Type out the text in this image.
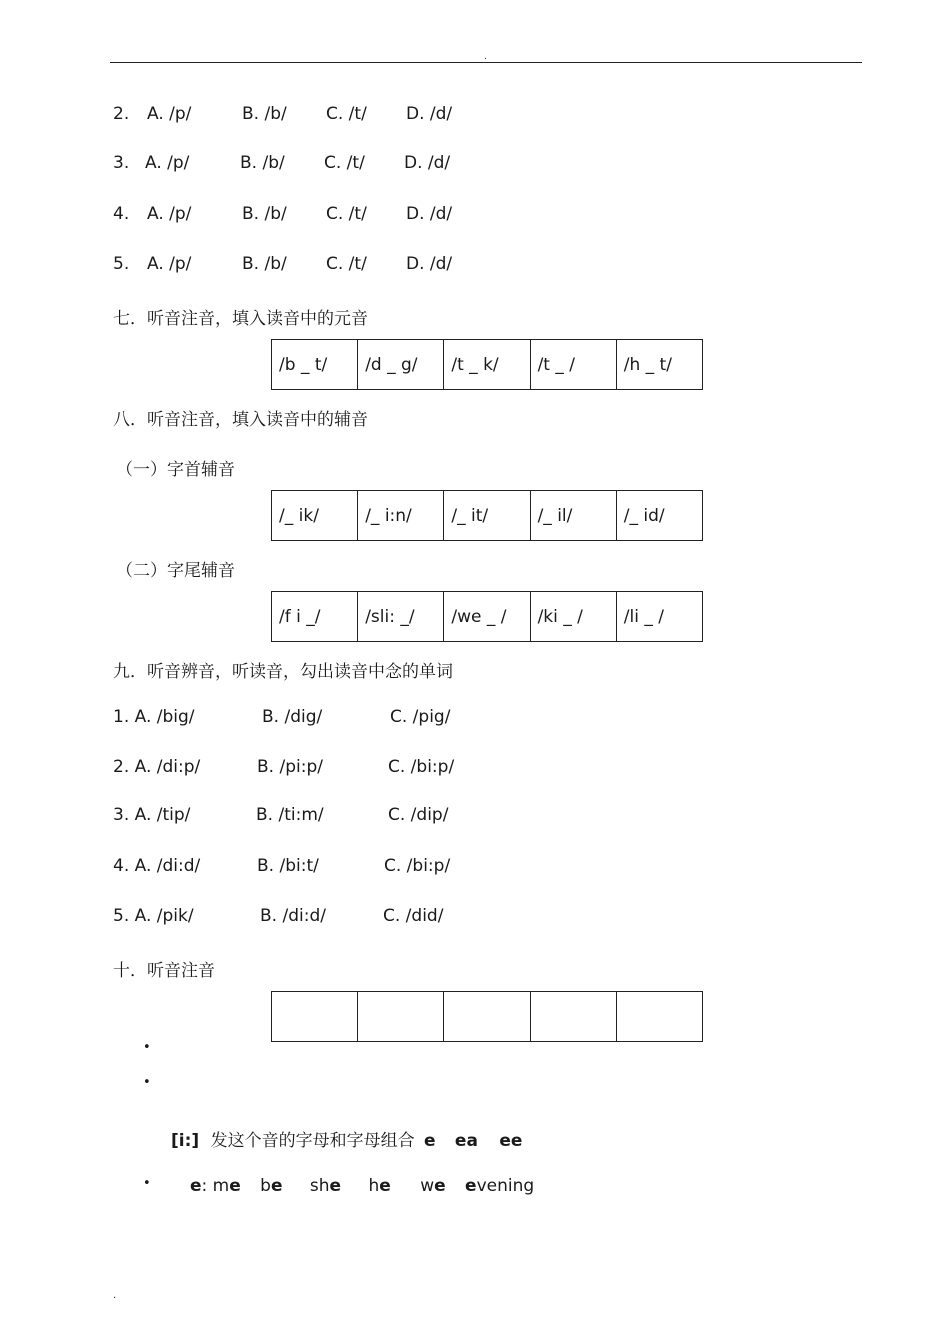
.
2. A. /p/	B. /b/ C. /t/ D. /d/
3. A. /p/	B. /b/ C. /t/ D. /d/
4. A. /p/	B. /b/ C. /t/ D. /d/
5. A. /p/	B. /b/ C. /t/ D. /d/
七．听音注音，填入读音中的元音
/b _ t/	/d _ g/	/t _ k/	/t _ /	/h _ t/
八．听音注音，填入读音中的辅音
（一）字首辅音
/_ ik/	/_ i:n/	/_ it/	/_ il/	/_ id/
（二）字尾辅音
/f i _/	/sli: _/	/we _ /	/ki _ /	/li _ /
九．听音辨音，听读音，勾出读音中念的单词
1. A. /big/	B. /dig/	C. /pig/
2. A. /di:p/	B. /pi:p/	C. /bi:p/
3. A. /tip/	B. /ti:m/	C. /dip/
4. A. /di:d/	B. /bi:t/	C. /bi:p/
5. A. /pik/	B. /di:d/	C. /did/
十．听音注音

•
•
[i:] 发这个音的字母和字母组合 e ea ee
• e: me be she he we evening
.
